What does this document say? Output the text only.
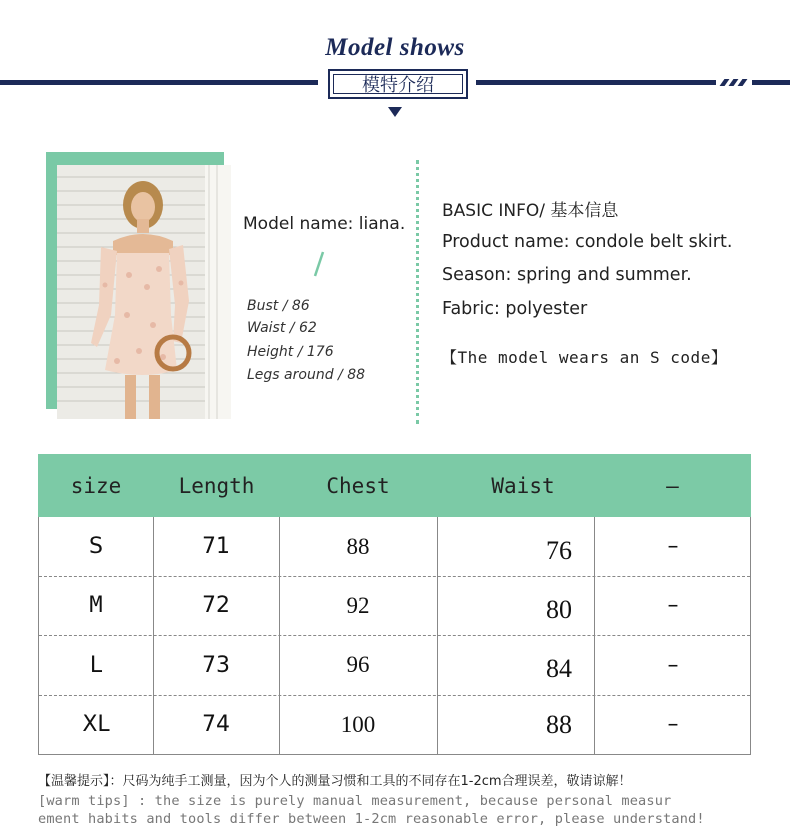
Model shows
模特介绍
Model name: liana.
Bust ∕ 86
Waist ∕ 62
Height ∕ 176
Legs around ∕ 88
BASIC INFO/ 基本信息
Product name: condole belt skirt.
Season: spring and summer.
Fabric: polyester
【The model wears an S code】
size	Length	Chest	Waist	–
S	71	88	76	–
M	72	92	80	–
L	73	96	84	–
XL	74	100	88	–
【温馨提示】：尺码为纯手工测量，因为个人的测量习惯和工具的不同存在1-2cm合理误差，敬请谅解！
[warm tips] : the size is purely manual measurement, because personal measur
ement habits and tools differ between 1-2cm reasonable error, please understand!
